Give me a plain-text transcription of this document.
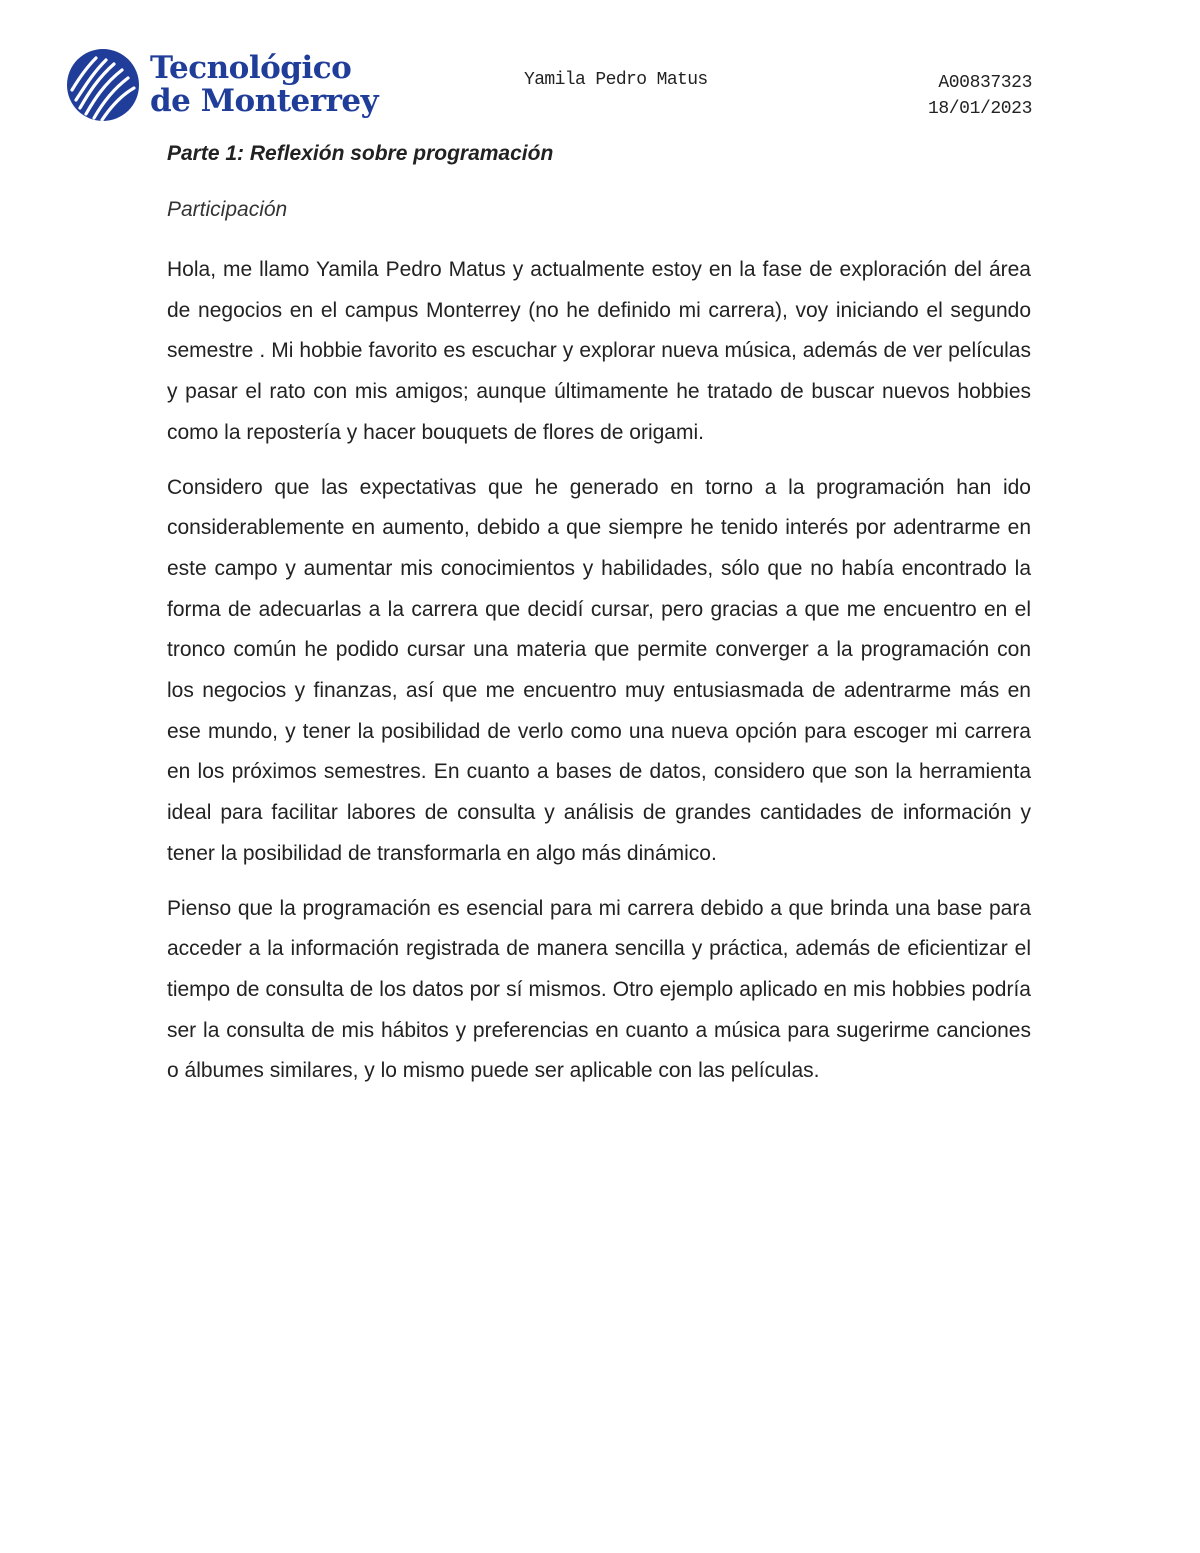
Tecnológico
de Monterrey
Yamila Pedro Matus	A00837323
18/01/2023
Parte 1: Reflexión sobre programación
Participación

Hola, me llamo Yamila Pedro Matus y actualmente estoy en la fase de exploración del área de negocios en el campus Monterrey (no he definido mi carrera), voy iniciando el segundo semestre . Mi hobbie favorito es escuchar y explorar nueva música, además de ver películas y pasar el rato con mis amigos; aunque últimamente he tratado de buscar nuevos hobbies como la repostería y hacer bouquets de flores de origami.

Considero que las expectativas que he generado en torno a la programación han ido considerablemente en aumento, debido a que siempre he tenido interés por adentrarme en este campo y aumentar mis conocimientos y habilidades, sólo que no había encontrado la forma de adecuarlas a la carrera que decidí cursar, pero gracias a que me encuentro en el tronco común he podido cursar una materia que permite converger a la programación con los negocios y finanzas, así que me encuentro muy entusiasmada de adentrarme más en ese mundo, y tener la posibilidad de verlo como una nueva opción para escoger mi carrera en los próximos semestres. En cuanto a bases de datos, considero que son la herramienta ideal para facilitar labores de consulta y análisis de grandes cantidades de información y tener la posibilidad de transformarla en algo más dinámico.

Pienso que la programación es esencial para mi carrera debido a que brinda una base para acceder a la información registrada de manera sencilla y práctica, además de eficientizar el tiempo de consulta de los datos por sí mismos. Otro ejemplo aplicado en mis hobbies podría ser la consulta de mis hábitos y preferencias en cuanto a música para sugerirme canciones o álbumes similares, y lo mismo puede ser aplicable con las películas.
